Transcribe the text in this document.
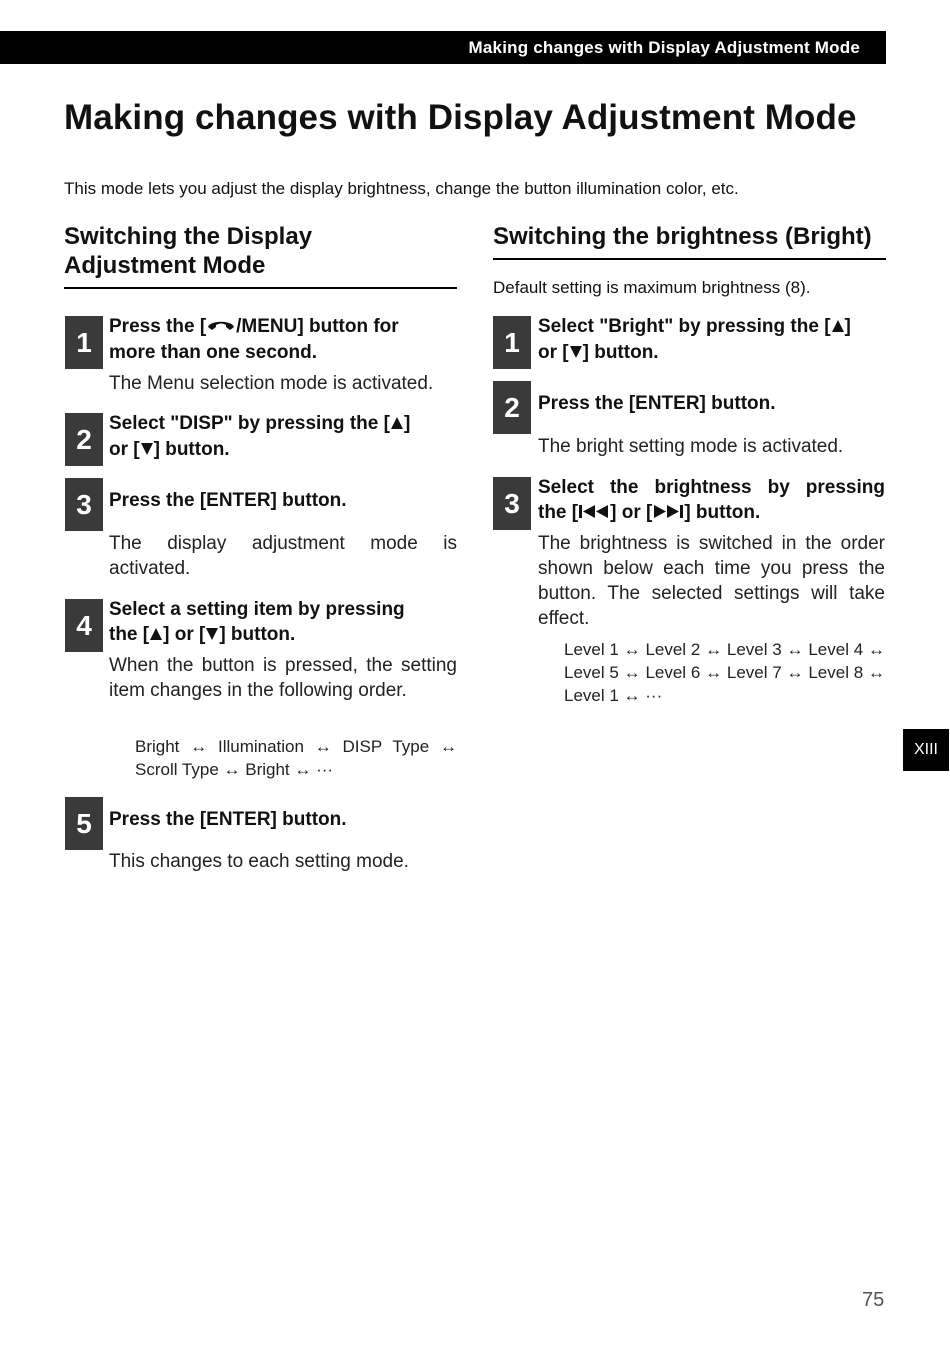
Making changes with Display Adjustment Mode
Making changes with Display Adjustment Mode

This mode lets you adjust the display brightness, change the button illumination color, etc.

Switching the Display
Adjustment Mode
1

Press the [ /MENU] button for
more than one second.

The Menu selection mode is activated.

2

Select "DISP" by pressing the [ ]
or [ ] button.

3 Press the [ENTER] button.

The display adjustment mode is activated.

4

Select a setting item by pressing
the [ ] or [ ] button.

When the button is pressed, the setting item changes in the following order.

Bright ↔ Illumination ↔ DISP Type ↔ Scroll Type ↔ Bright ↔ ···

5 Press the [ENTER] button.

This changes to each setting mode.

Switching the brightness (Bright)

Default setting is maximum brightness (8).

1

Select "Bright" by pressing the [ ]
or [ ] button.

2 Press the [ENTER] button.

The bright setting mode is activated.

3

Select the brightness by pressing

the [ ] or [ ] button.

The brightness is switched in the order shown below each time you press the button. The selected settings will take effect.

Level 1 ↔ Level 2 ↔ Level 3 ↔ Level 4 ↔ Level 5 ↔ Level 6 ↔ Level 7 ↔ Level 8 ↔ Level 1 ↔ ···

XIII
75
